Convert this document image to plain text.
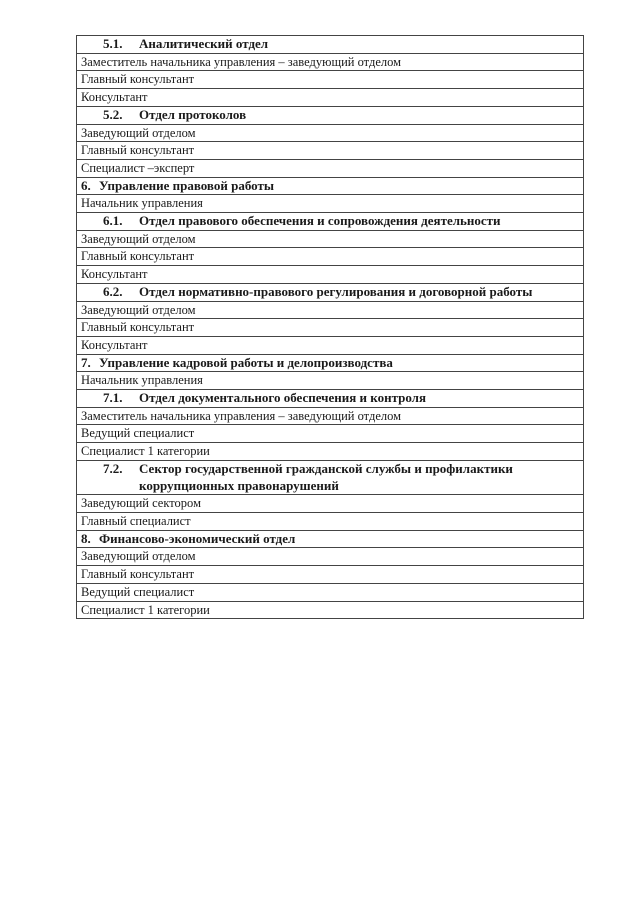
5.1. Аналитический отдел
Заместитель начальника управления – заведующий отделом
Главный консультант
Консультант
5.2. Отдел протоколов
Заведующий отделом
Главный консультант
Специалист –эксперт
6. Управление правовой работы
Начальник управления
6.1. Отдел правового обеспечения и сопровождения деятельности
Заведующий отделом
Главный консультант
Консультант
6.2. Отдел нормативно-правового регулирования и договорной работы
Заведующий отделом
Главный консультант
Консультант
7. Управление кадровой работы и делопроизводства
Начальник управления
7.1. Отдел документального обеспечения и контроля
Заместитель начальника управления – заведующий отделом
Ведущий специалист
Специалист 1 категории
7.2. Сектор государственной гражданской службы и профилактики коррупционных правонарушений
Заведующий сектором
Главный специалист
8. Финансово-экономический отдел
Заведующий отделом
Главный консультант
Ведущий специалист
Специалист 1 категории
